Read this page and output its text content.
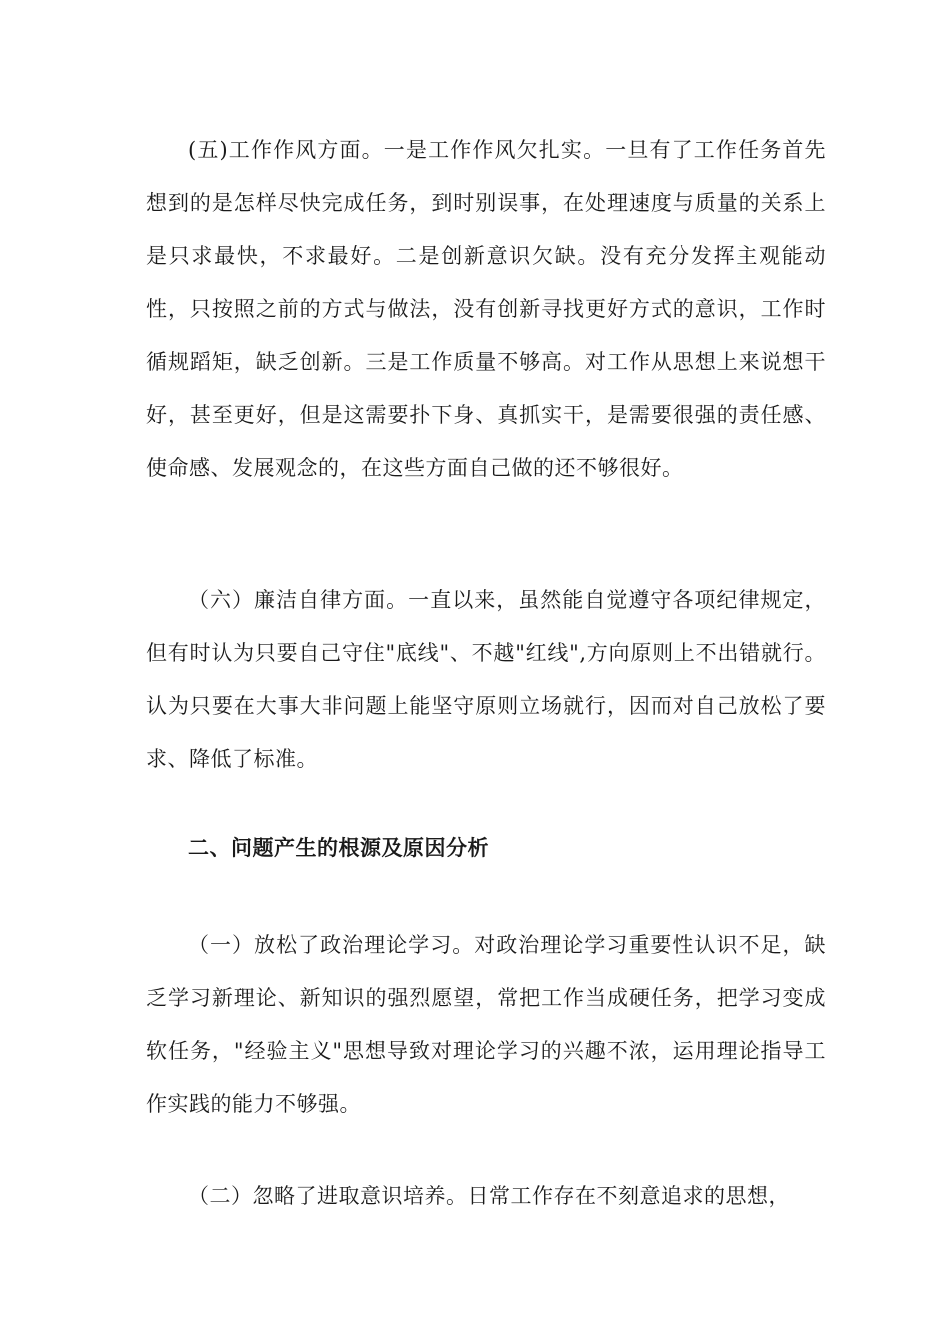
(五)工作作风方面。一是工作作风欠扎实。一旦有了工作任务首先想到的是怎样尽快完成任务，到时别误事，在处理速度与质量的关系上是只求最快，不求最好。二是创新意识欠缺。没有充分发挥主观能动性，只按照之前的方式与做法，没有创新寻找更好方式的意识，工作时循规蹈矩，缺乏创新。三是工作质量不够高。对工作从思想上来说想干好，甚至更好，但是这需要扑下身、真抓实干，是需要很强的责任感、使命感、发展观念的，在这些方面自己做的还不够很好。

（六）廉洁自律方面。一直以来，虽然能自觉遵守各项纪律规定，但有时认为只要自己守住"底线"、不越"红线",方向原则上不出错就行。认为只要在大事大非问题上能坚守原则立场就行，因而对自己放松了要求、降低了标准。

二、问题产生的根源及原因分析

（一）放松了政治理论学习。对政治理论学习重要性认识不足，缺乏学习新理论、新知识的强烈愿望，常把工作当成硬任务，把学习变成软任务，"经验主义"思想导致对理论学习的兴趣不浓，运用理论指导工作实践的能力不够强。

（二）忽略了进取意识培养。日常工作存在不刻意追求的思想，
